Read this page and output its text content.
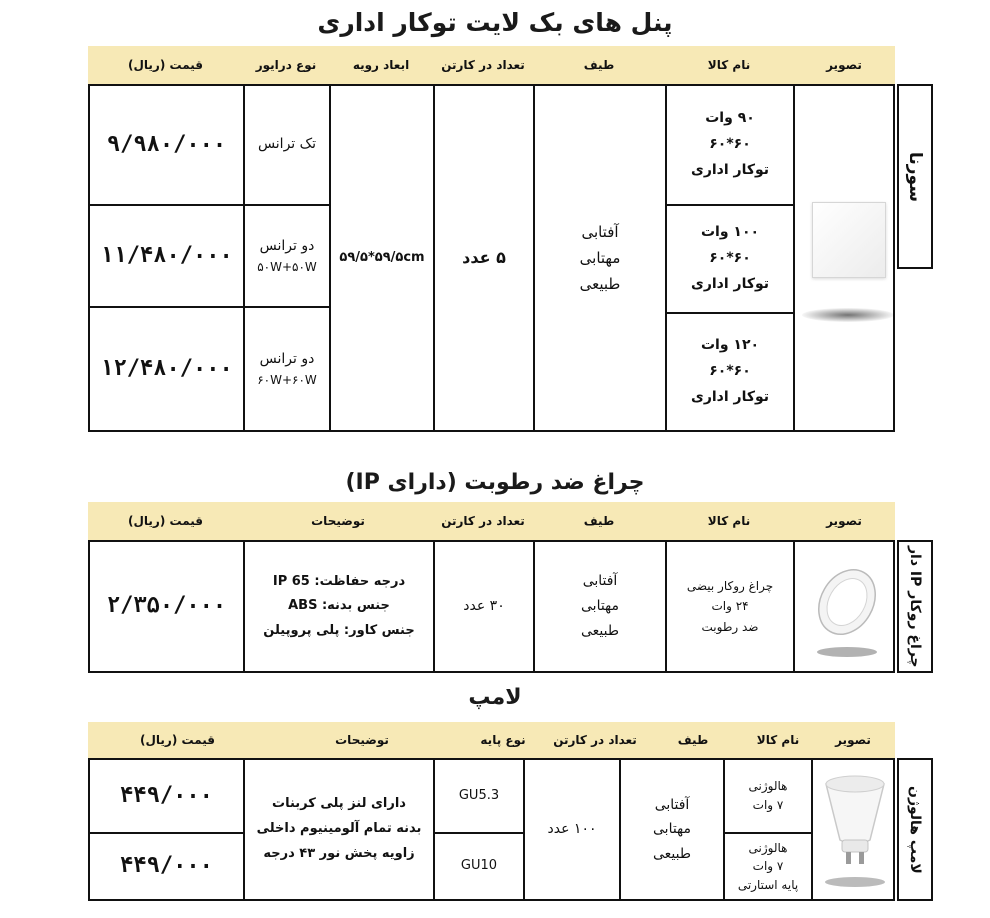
پنل های بک لایت توکار اداری
تصویر
نام کالا
طیف
تعداد در کارتن
ابعاد رویه
نوع درایور
قیمت (ریال)
۹/۹۸۰/۰۰۰
۱۱/۴۸۰/۰۰۰
۱۲/۴۸۰/۰۰۰
تک ترانس
دو ترانس
۵۰W+۵۰W
دو ترانس
۶۰W+۶۰W
۵۹/۵*۵۹/۵cm	۵ عدد
آفتابی
مهتابی
طبیعی
۹۰ وات
۶۰*۶۰
توکار اداری
۱۰۰ وات
۶۰*۶۰
توکار اداری
۱۲۰ وات
۶۰*۶۰
توکار اداری
سورنا
چراغ ضد رطوبت (دارای IP)
تصویر
نام کالا
طیف
تعداد در کارتن
توضیحات
قیمت (ریال)
۲/۳۵۰/۰۰۰
درجه حفاظت: IP 65
جنس بدنه: ABS
جنس کاور: پلی پروپیلن
۳۰ عدد
آفتابی
مهتابی
طبیعی
چراغ روکار بیضی
۲۴ وات
ضد رطوبت
چراغ روکار IP دار
لامپ
تصویر
نام کالا
طیف
تعداد در کارتن
نوع پایه
توضیحات
قیمت (ریال)
۴۴۹/۰۰۰
۴۴۹/۰۰۰
دارای لنز پلی کربنات
بدنه تمام آلومینیوم داخلی
زاویه پخش نور ۴۳ درجه
GU5.3
GU10
۱۰۰ عدد
آفتابی
مهتابی
طبیعی
هالوژنی
۷ وات
هالوژنی
۷ وات
پایه استارتی
لامپ هالوژن
